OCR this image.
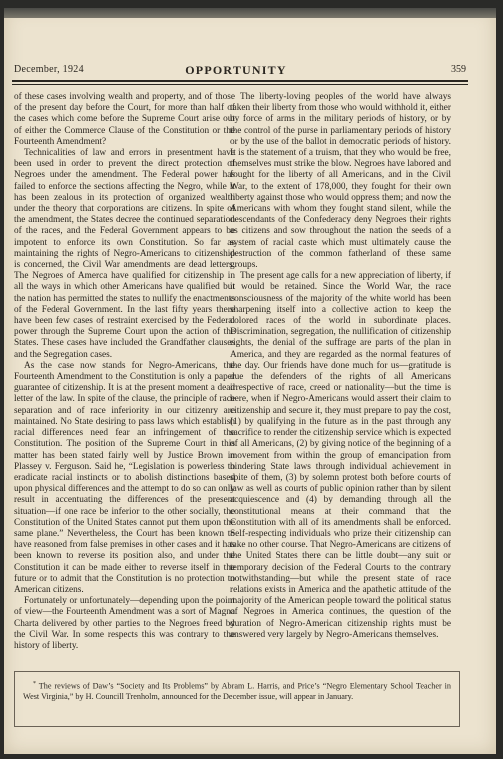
December, 1924	OPPORTUNITY	359

of these cases involving wealth and property, and of those of the present day before the Court, for more than half of the cases which come before the Supreme Court arise out of either the Commerce Clause of the Constitution or the Fourteenth Amendment?

Technicalities of law and errors in presentment have been used in order to prevent the direct protection of Negroes under the amendment. The Federal power has failed to enforce the sections affecting the Negro, while it has been zealous in its protection of organized wealth under the theory that corporations are citizens. In spite of the amendment, the States decree the continued separation of the races, and the Federal Government appears to be impotent to enforce its own Constitution. So far as maintaining the rights of Negro-Americans to citizenship is concerned, the Civil War amendments are dead letters. The Negroes of Amerca have qualified for citizenship in all the ways in which other Americans have qualified but the nation has permitted the states to nullify the enactments of the Federal Government. In the last fifty years there have been few cases of restraint exercised by the Federal power through the Supreme Court upon the action of the States. These cases have included the Grandfather clauses and the Segregation cases.

As the case now stands for Negro-Americans, the Fourteenth Amendment to the Constitution is only a paper guarantee of citizenship. It is at the present moment a dead letter of the law. In spite of the clause, the principle of race separation and of race inferiority in our citizenry are maintained. No State desiring to pass laws which establish racial differences need fear an infringement of the Constitution. The position of the Supreme Court in this matter has been stated fairly well by Justice Brown in Plassey v. Ferguson. Said he, “Legislation is powerless to eradicate racial instincts or to abolish distinctions based upon physical differences and the attempt to do so can only result in accentuating the differences of the present situation—if one race be inferior to the other socially, the Constitution of the United States cannot put them upon the same plane.” Nevertheless, the Court has been known to have reasoned from false premises in other cases and it has been known to reverse its position also, and under the Constitution it can be made either to reverse itself in the future or to admit that the Constitution is no protection to American citizens.

Fortunately or unfortunately—depending upon the point of view—the Fourteenth Amendment was a sort of Magna Charta delivered by other parties to the Negroes freed by the Civil War. In some respects this was contrary to the history of liberty.

The liberty-loving peoples of the world have always taken their liberty from those who would withhold it, either by force of arms in the military periods of history, or by the control of the purse in parliamentary periods of history or by the use of the ballot in democratic periods of history. It is the statement of a truism, that they who would be free, themselves must strike the blow. Negroes have labored and fought for the liberty of all Americans, and in the Civil War, to the extent of 178,000, they fought for their own liberty against those who would oppress them; and now the Americans with whom they fought stand silent, while the descendants of the Confederacy deny Negroes their rights as citizens and sow throughout the nation the seeds of a system of racial caste which must ultimately cause the destruction of the common fatherland of these same groups.

The present age calls for a new appreciation of liberty, if it would be retained. Since the World War, the race consciousness of the majority of the white world has been sharpening itself into a collective action to keep the colored races of the world in subordinate places. Discrimination, segregation, the nullification of citizenship rights, the denial of the suffrage are parts of the plan in America, and they are regarded as the normal features of the day. Our friends have done much for us—gratitude is due the defenders of the rights of all Americans irrespective of race, creed or nationality—but the time is here, when if Negro-Americans would assert their claim to citizenship and secure it, they must prepare to pay the cost, (1) by qualifying in the future as in the past through any sacrifice to render the citizenship service which is expected of all Americans, (2) by giving notice of the beginning of a movement from within the group of emancipation from hindering State laws through individual achievement in spite of them, (3) by solemn protest both before courts of law as well as courts of public opinion rather than by silent acquiescence and (4) by demanding through all the constitutional means at their command that the Constitution with all of its amendments shall be enforced. Self-respecting individuals who prize their citizenship can take no other course. That Negro-Americans are citizens of the United States there can be little doubt—any suit or temporary decision of the Federal Courts to the contrary notwithstanding—but while the present state of race relations exists in America and the apathetic attitude of the majority of the American people toward the political status of Negroes in America continues, the question of the duration of Negro-American citizenship rights must be answered very largely by Negro-Americans themselves.

* The reviews of Daw’s “Society and Its Problems” by Abram L. Harris, and Price’s “Negro Elementary School Teacher in West Virginia,” by H. Councill Trenholm, announced for the December issue, will appear in January.
